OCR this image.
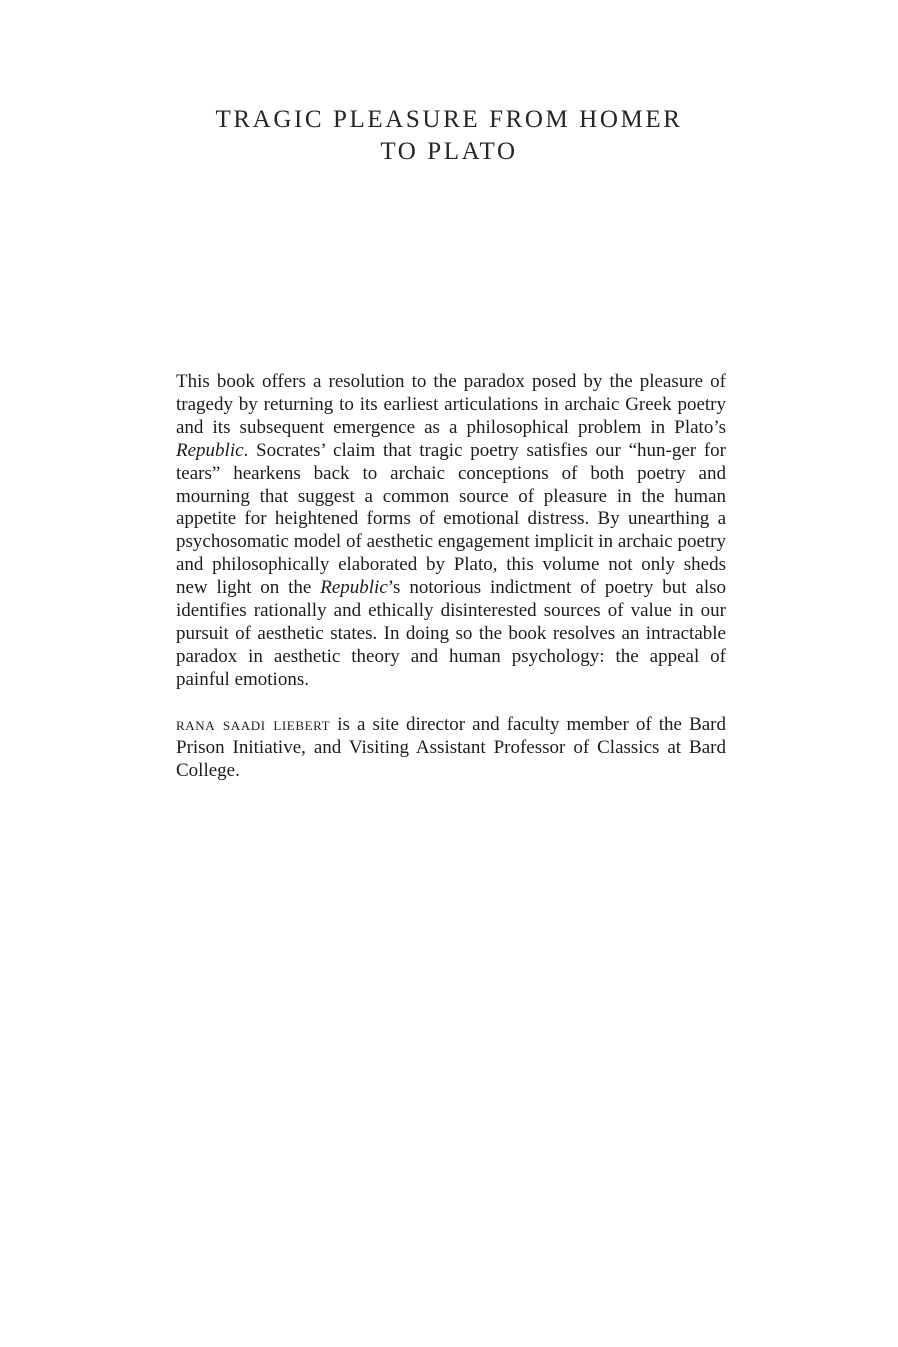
TRAGIC PLEASURE FROM HOMER
TO PLATO

This book offers a resolution to the paradox posed by the pleasure of tragedy by returning to its earliest articulations in archaic Greek poetry and its subsequent emergence as a philosophical problem in Plato’s Republic. Socrates’ claim that tragic poetry satisfies our “hun-ger for tears” hearkens back to archaic conceptions of both poetry and mourning that suggest a common source of pleasure in the human appetite for heightened forms of emotional distress. By unearthing a psychosomatic model of aesthetic engagement implicit in archaic poetry and philosophically elaborated by Plato, this volume not only sheds new light on the Republic’s notorious indictment of poetry but also identifies rationally and ethically disinterested sources of value in our pursuit of aesthetic states. In doing so the book resolves an intractable paradox in aesthetic theory and human psychology: the appeal of painful emotions.

rana saadi liebert is a site director and faculty member of the Bard Prison Initiative, and Visiting Assistant Professor of Classics at Bard College.
